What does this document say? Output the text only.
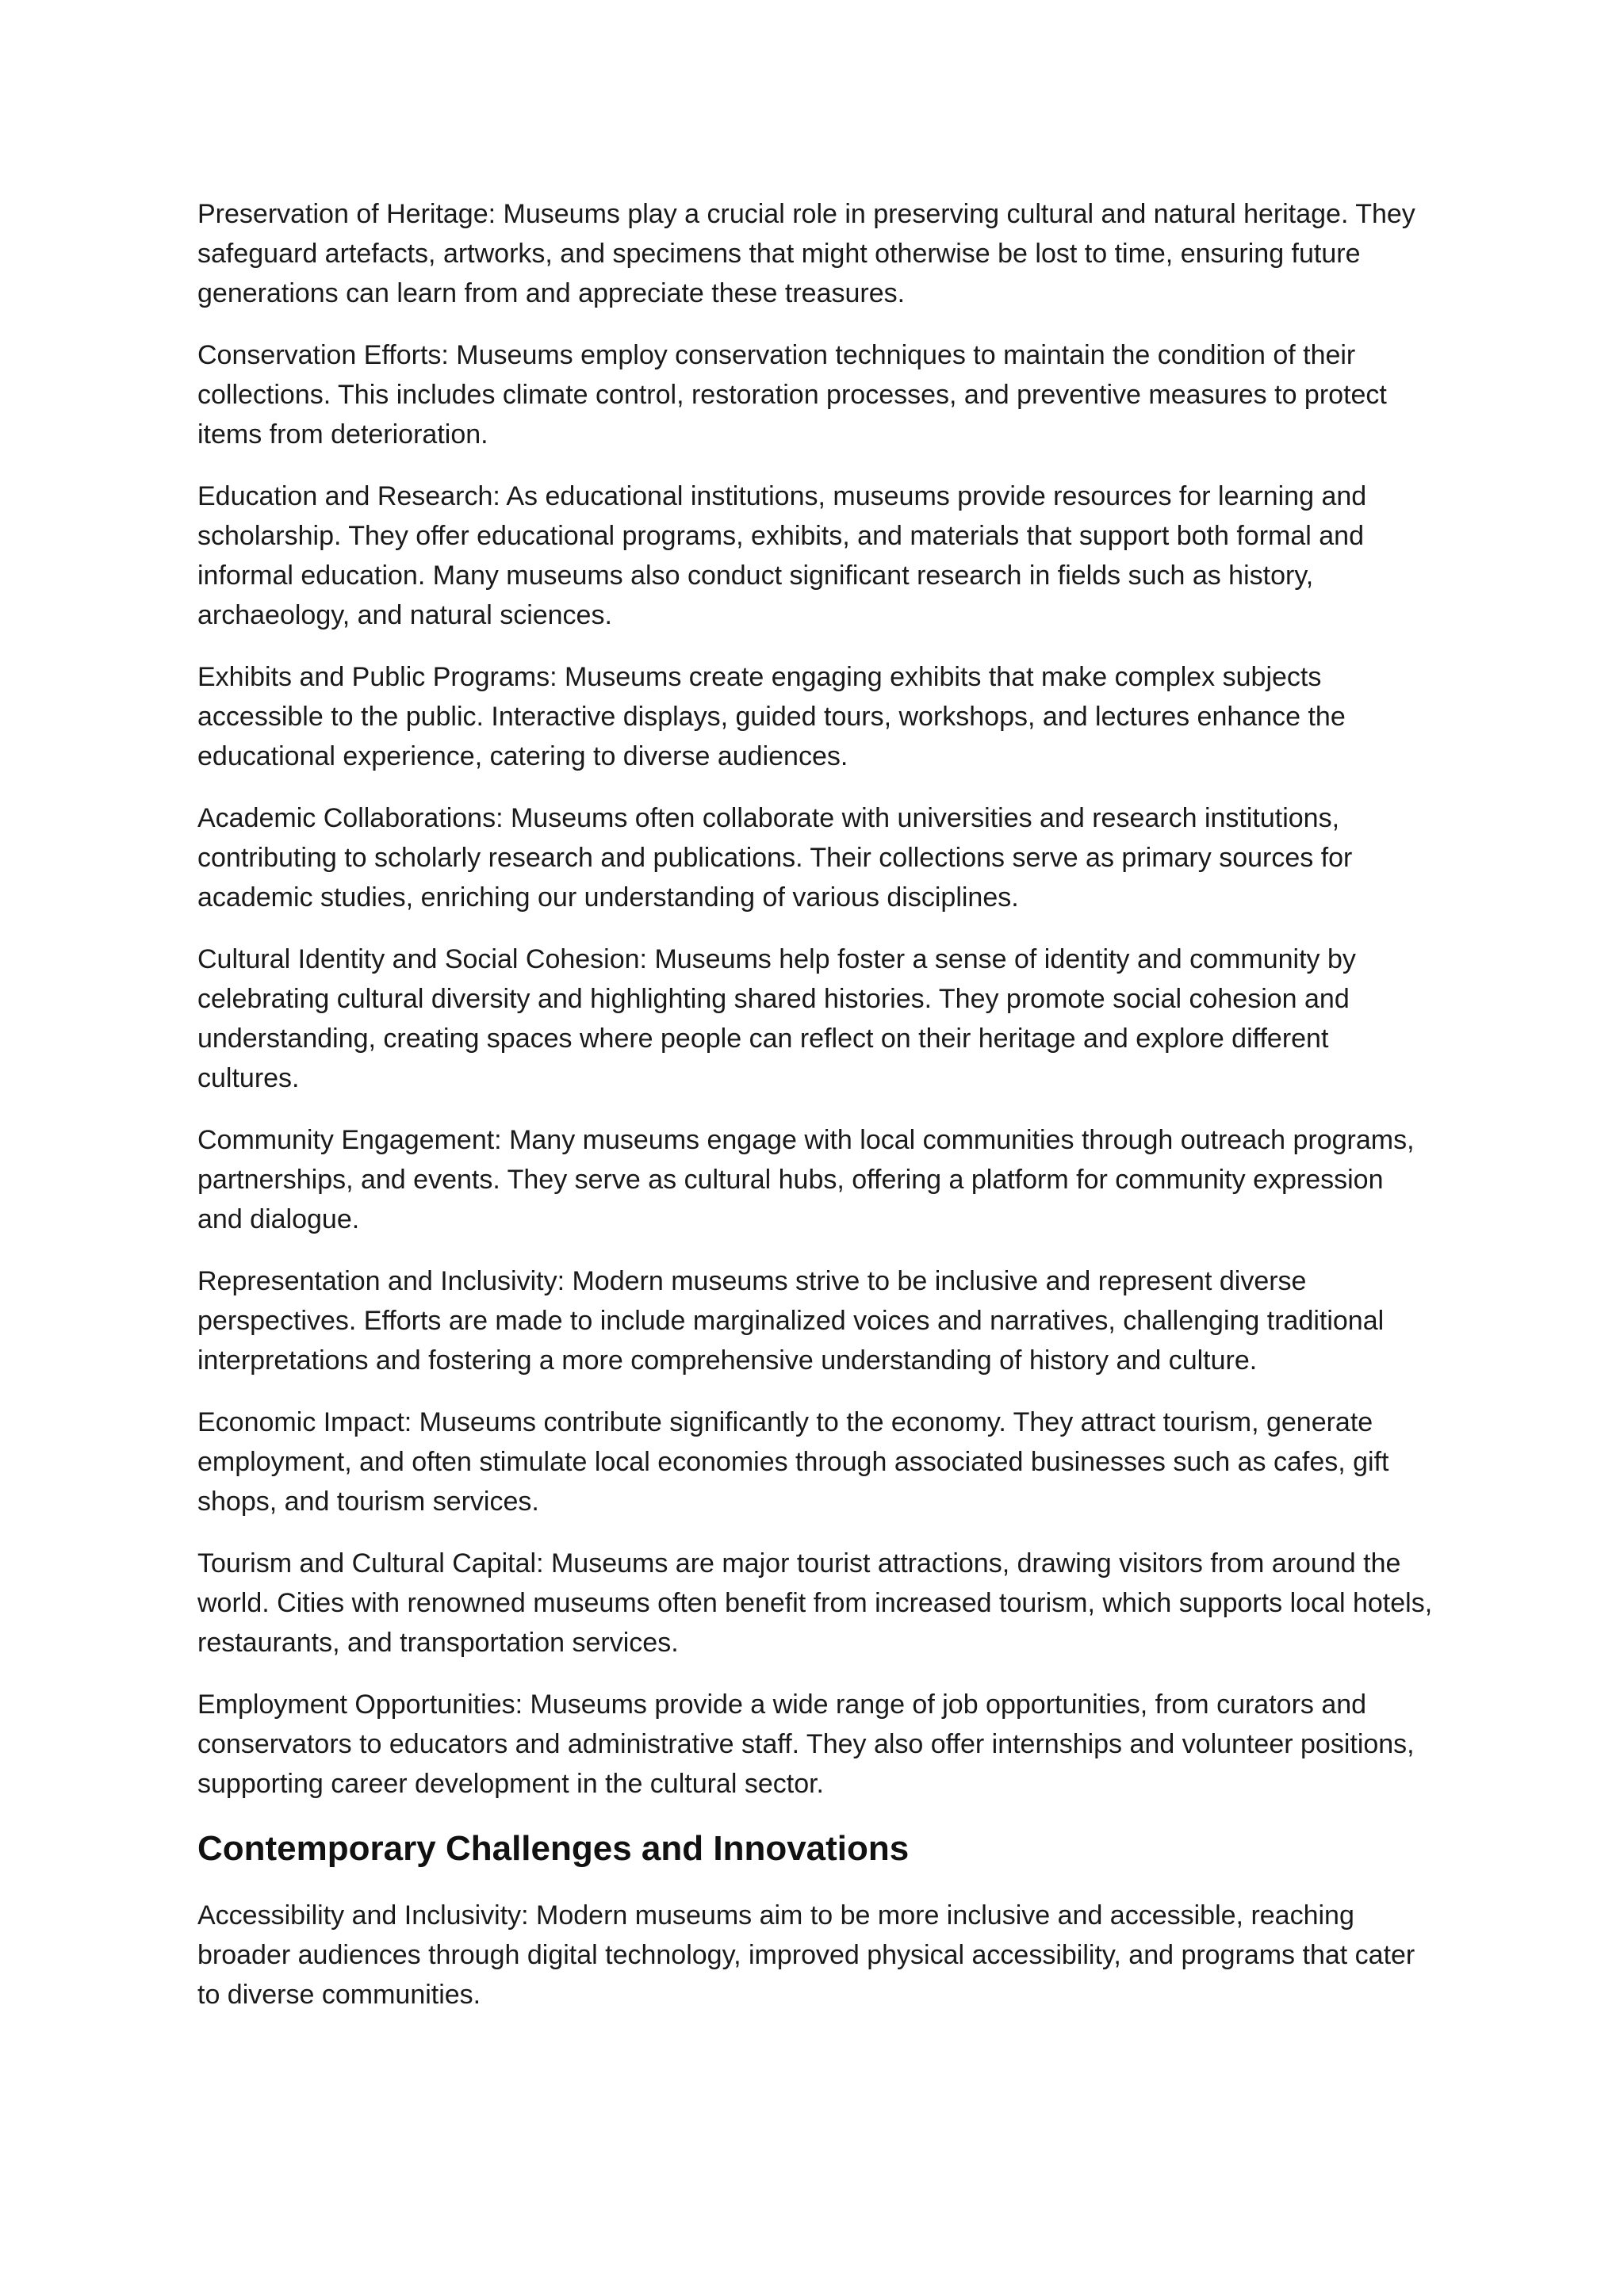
Preservation of Heritage: Museums play a crucial role in preserving cultural and natural heritage. They safeguard artefacts, artworks, and specimens that might otherwise be lost to time, ensuring future generations can learn from and appreciate these treasures.

Conservation Efforts: Museums employ conservation techniques to maintain the condition of their collections. This includes climate control, restoration processes, and preventive measures to protect items from deterioration.

Education and Research: As educational institutions, museums provide resources for learning and scholarship. They offer educational programs, exhibits, and materials that support both formal and informal education. Many museums also conduct significant research in fields such as history, archaeology, and natural sciences.

Exhibits and Public Programs: Museums create engaging exhibits that make complex subjects accessible to the public. Interactive displays, guided tours, workshops, and lectures enhance the educational experience, catering to diverse audiences.

Academic Collaborations: Museums often collaborate with universities and research institutions, contributing to scholarly research and publications. Their collections serve as primary sources for academic studies, enriching our understanding of various disciplines.

Cultural Identity and Social Cohesion: Museums help foster a sense of identity and community by celebrating cultural diversity and highlighting shared histories. They promote social cohesion and understanding, creating spaces where people can reflect on their heritage and explore different cultures.

Community Engagement: Many museums engage with local communities through outreach programs, partnerships, and events. They serve as cultural hubs, offering a platform for community expression and dialogue.

Representation and Inclusivity: Modern museums strive to be inclusive and represent diverse perspectives. Efforts are made to include marginalized voices and narratives, challenging traditional interpretations and fostering a more comprehensive understanding of history and culture.

Economic Impact: Museums contribute significantly to the economy. They attract tourism, generate employment, and often stimulate local economies through associated businesses such as cafes, gift shops, and tourism services.

Tourism and Cultural Capital: Museums are major tourist attractions, drawing visitors from around the world. Cities with renowned museums often benefit from increased tourism, which supports local hotels, restaurants, and transportation services.

Employment Opportunities: Museums provide a wide range of job opportunities, from curators and conservators to educators and administrative staff. They also offer internships and volunteer positions, supporting career development in the cultural sector.

Contemporary Challenges and Innovations

Accessibility and Inclusivity: Modern museums aim to be more inclusive and accessible, reaching broader audiences through digital technology, improved physical accessibility, and programs that cater to diverse communities.
